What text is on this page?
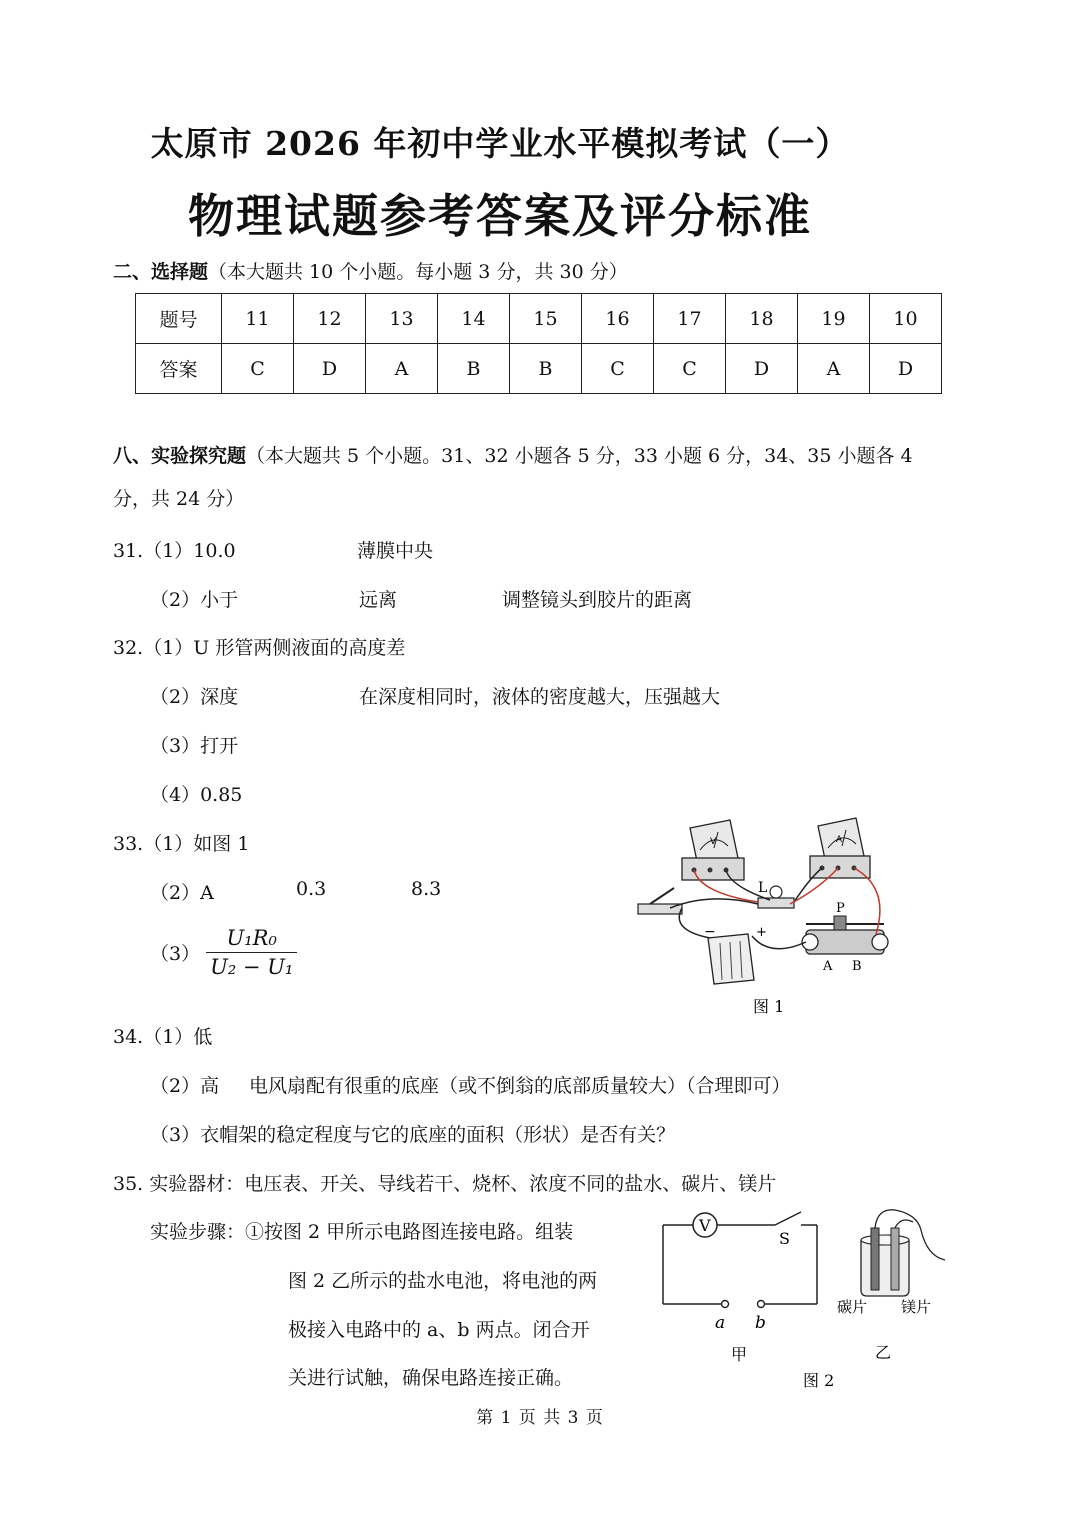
太原市 2026 年初中学业水平模拟考试（一）
物理试题参考答案及评分标准
二、选择题（本大题共 10 个小题。每小题 3 分，共 30 分）
题号	11	12	13	14	15	16	17	18	19	10
答案	C	D	A	B	B	C	C	D	A	D
八、实验探究题（本大题共 5 个小题。31、32 小题各 5 分，33 小题 6 分，34、35 小题各 4
分，共 24 分）
31.（1）10.0	薄膜中央
（2）小于	远离	调整镜头到胶片的距离
32.（1）U 形管两侧液面的高度差
（2）深度	在深度相同时，液体的密度越大，压强越大
（3）打开
（4）0.85
33.（1）如图 1
（2）A	0.3	8.3
$(3) \frac{\text{U₁R₀}}{\text{U₂ − U₁}}$
V	A
L
−	+
P
A B
图 1
34.（1）低
（2）高 电风扇配有很重的底座（或不倒翁的底部质量较大）（合理即可）
（3）衣帽架的稳定程度与它的底座的面积（形状）是否有关？
35. 实验器材：电压表、开关、导线若干、烧杯、浓度不同的盐水、碳片、镁片
实验步骤：①按图 2 甲所示电路图连接电路。组装
图 2 乙所示的盐水电池，将电池的两
极接入电路中的 a、b 两点。闭合开
关进行试触，确保电路连接正确。
V
S
a b
甲
碳片 镁片
乙
图 2
第 1 页 共 3 页
